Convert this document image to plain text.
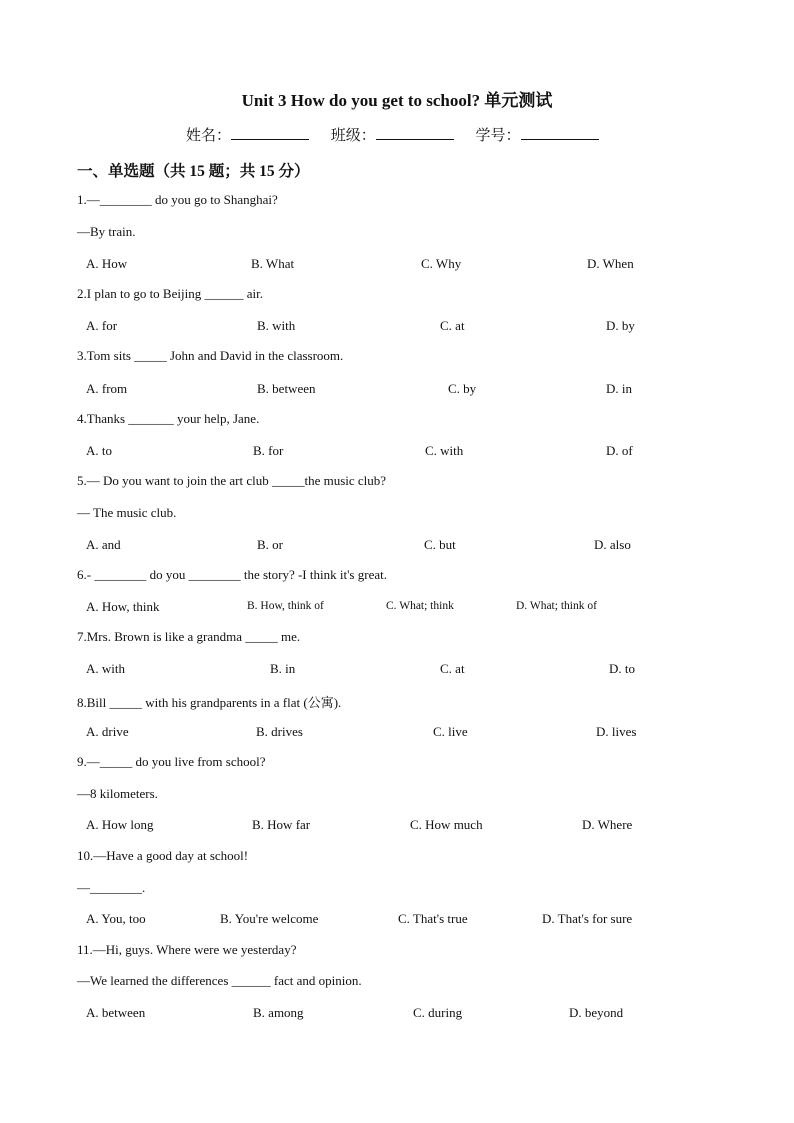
Unit 3 How do you get to school? 单元测试
姓名：	班级：	学号：
一、单选题（共 15 题；共 15 分）
1.—________ do you go to Shanghai?
—By train.
A. How	B. What	C. Why	D. When
2.I plan to go to Beijing ______ air.
A. for	B. with	C. at	D. by
3.Tom sits _____ John and David in the classroom.
A. from	B. between	C. by	D. in
4.Thanks _______ your help, Jane.
A. to	B. for	C. with	D. of
5.— Do you want to join the art club _____the music club?
— The music club.
A. and	B. or	C. but	D. also
6.- ________ do you ________ the story? -I think it's great.
A. How, think	B. How, think of	C. What; think	D. What; think of
7.Mrs. Brown is like a grandma _____ me.
A. with	B. in	C. at	D. to
8.Bill _____ with his grandparents in a flat (公寓).
A. drive	B. drives	C. live	D. lives
9.—_____ do you live from school?
—8 kilometers.
A. How long	B. How far	C. How much	D. Where
10.—Have a good day at school!
—________.
A. You, too	B. You're welcome	C. That's true	D. That's for sure
11.—Hi, guys. Where were we yesterday?
—We learned the differences ______ fact and opinion.
A. between	B. among	C. during	D. beyond
